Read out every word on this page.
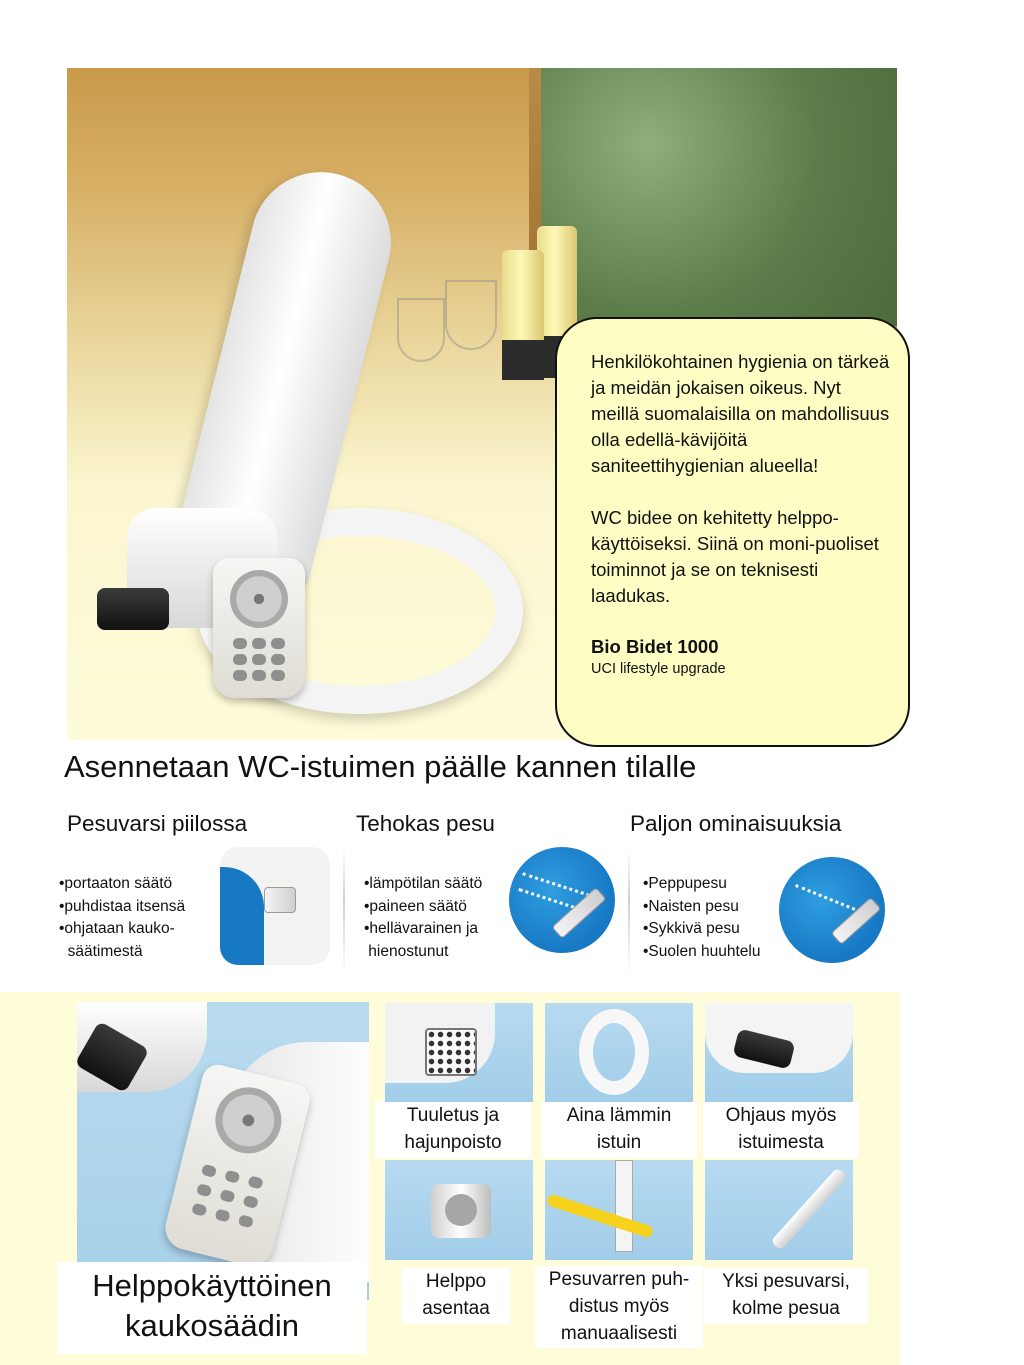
Henkilökohtainen hygienia on tärkeä ja meidän jokaisen oikeus. Nyt meillä suomalaisilla on mahdollisuus olla edellä-kävijöitä saniteettihygienian alueella!

WC bidee on kehitetty helppo-käyttöiseksi. Siinä on moni-puoliset toiminnot ja se on teknisesti laadukas.

Bio Bidet 1000
UCI lifestyle upgrade
Asennetaan WC-istuimen päälle kannen tilalle
Pesuvarsi piilossa
•portaaton säätö
•puhdistaa itsensä
•ohjataan kauko-
säätimestä
Tehokas pesu
•lämpötilan säätö
•paineen säätö
•hellävarainen ja
hienostunut
Paljon ominaisuuksia
•Peppupesu
•Naisten pesu
•Sykkivä pesu
•Suolen huuhtelu
Helppokäyttöinen
kaukosäädin
Tuuletus ja
hajunpoisto
Aina lämmin
istuin
Ohjaus myös
istuimesta
Helppo
asentaa
Pesuvarren puh-
distus myös
manuaalisesti
Yksi pesuvarsi,
kolme pesua
